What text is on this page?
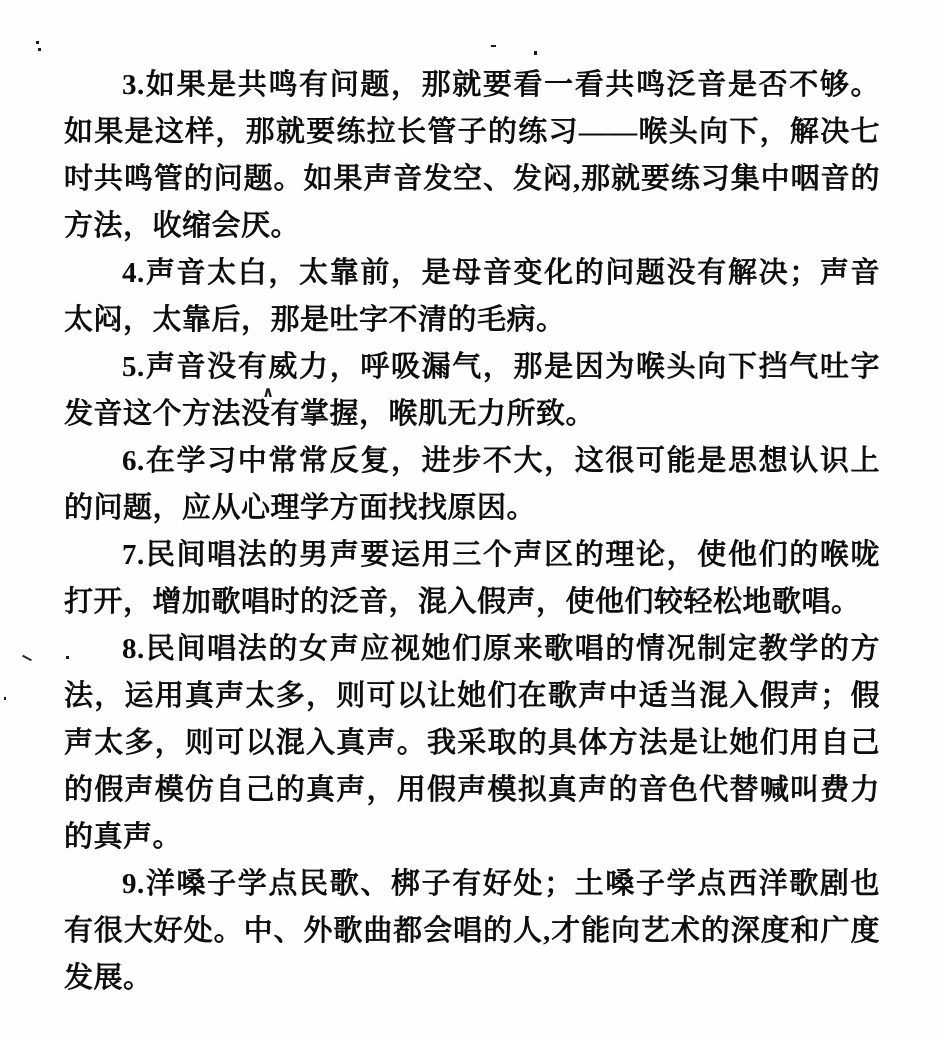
3.如果是共鸣有问题，那就要看一看共鸣泛音是否不够。如果是这样，那就要练拉长管子的练习——喉头向下，解决七吋共鸣管的问题。如果声音发空、发闷,那就要练习集中咽音的方法，收缩会厌。

4.声音太白，太靠前，是母音变化的问题没有解决；声音太闷，太靠后，那是吐字不清的毛病。

5.声音没有威力，呼吸漏气，那是因为喉头向下挡气吐字发音这个方法没有掌握，喉肌无力所致。

6.在学习中常常反复，进步不大，这很可能是思想认识上的问题，应从心理学方面找找原因。

7.民间唱法的男声要运用三个声区的理论，使他们的喉咙打开，增加歌唱时的泛音，混入假声，使他们较轻松地歌唱。

8.民间唱法的女声应视她们原来歌唱的情况制定教学的方法，运用真声太多，则可以让她们在歌声中适当混入假声；假声太多，则可以混入真声。我采取的具体方法是让她们用自己的假声模仿自己的真声，用假声模拟真声的音色代替喊叫费力的真声。

9.洋嗓子学点民歌、梆子有好处；土嗓子学点西洋歌剧也有很大好处。中、外歌曲都会唱的人,才能向艺术的深度和广度发展。

∧
